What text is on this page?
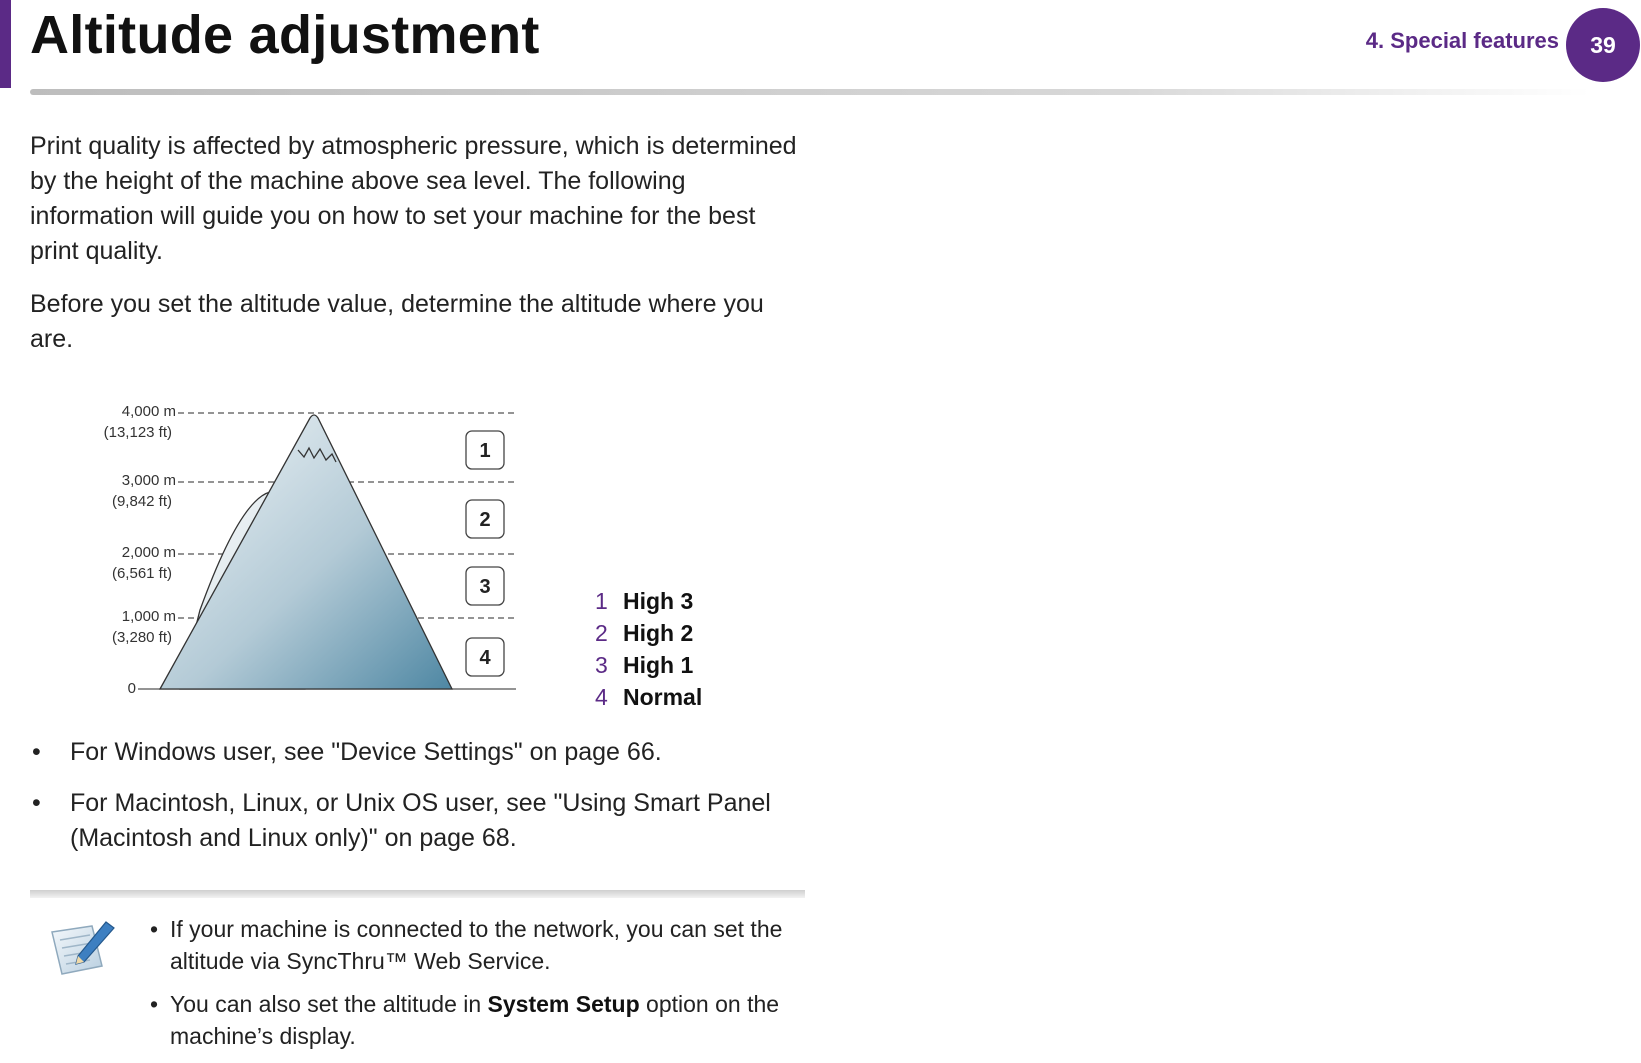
Altitude adjustment	4. Special features	39

Print quality is affected by atmospheric pressure, which is determined by the height of the machine above sea level. The following information will guide you on how to set your machine for the best print quality.

Before you set the altitude value, determine the altitude where you are.

4,000 m
(13,123 ft)
3,000 m
(9,842 ft)
2,000 m
(6,561 ft)
1,000 m
(3,280 ft)
0
1
2
3
4
1 High 3
2 High 2
3 High 1
4 Normal
• For Windows user, see "Device Settings" on page 66.
• For Macintosh, Linux, or Unix OS user, see "Using Smart Panel (Macintosh and Linux only)" on page 68.
• If your machine is connected to the network, you can set the altitude via SyncThru™ Web Service.
• You can also set the altitude in System Setup option on the machine’s display.
